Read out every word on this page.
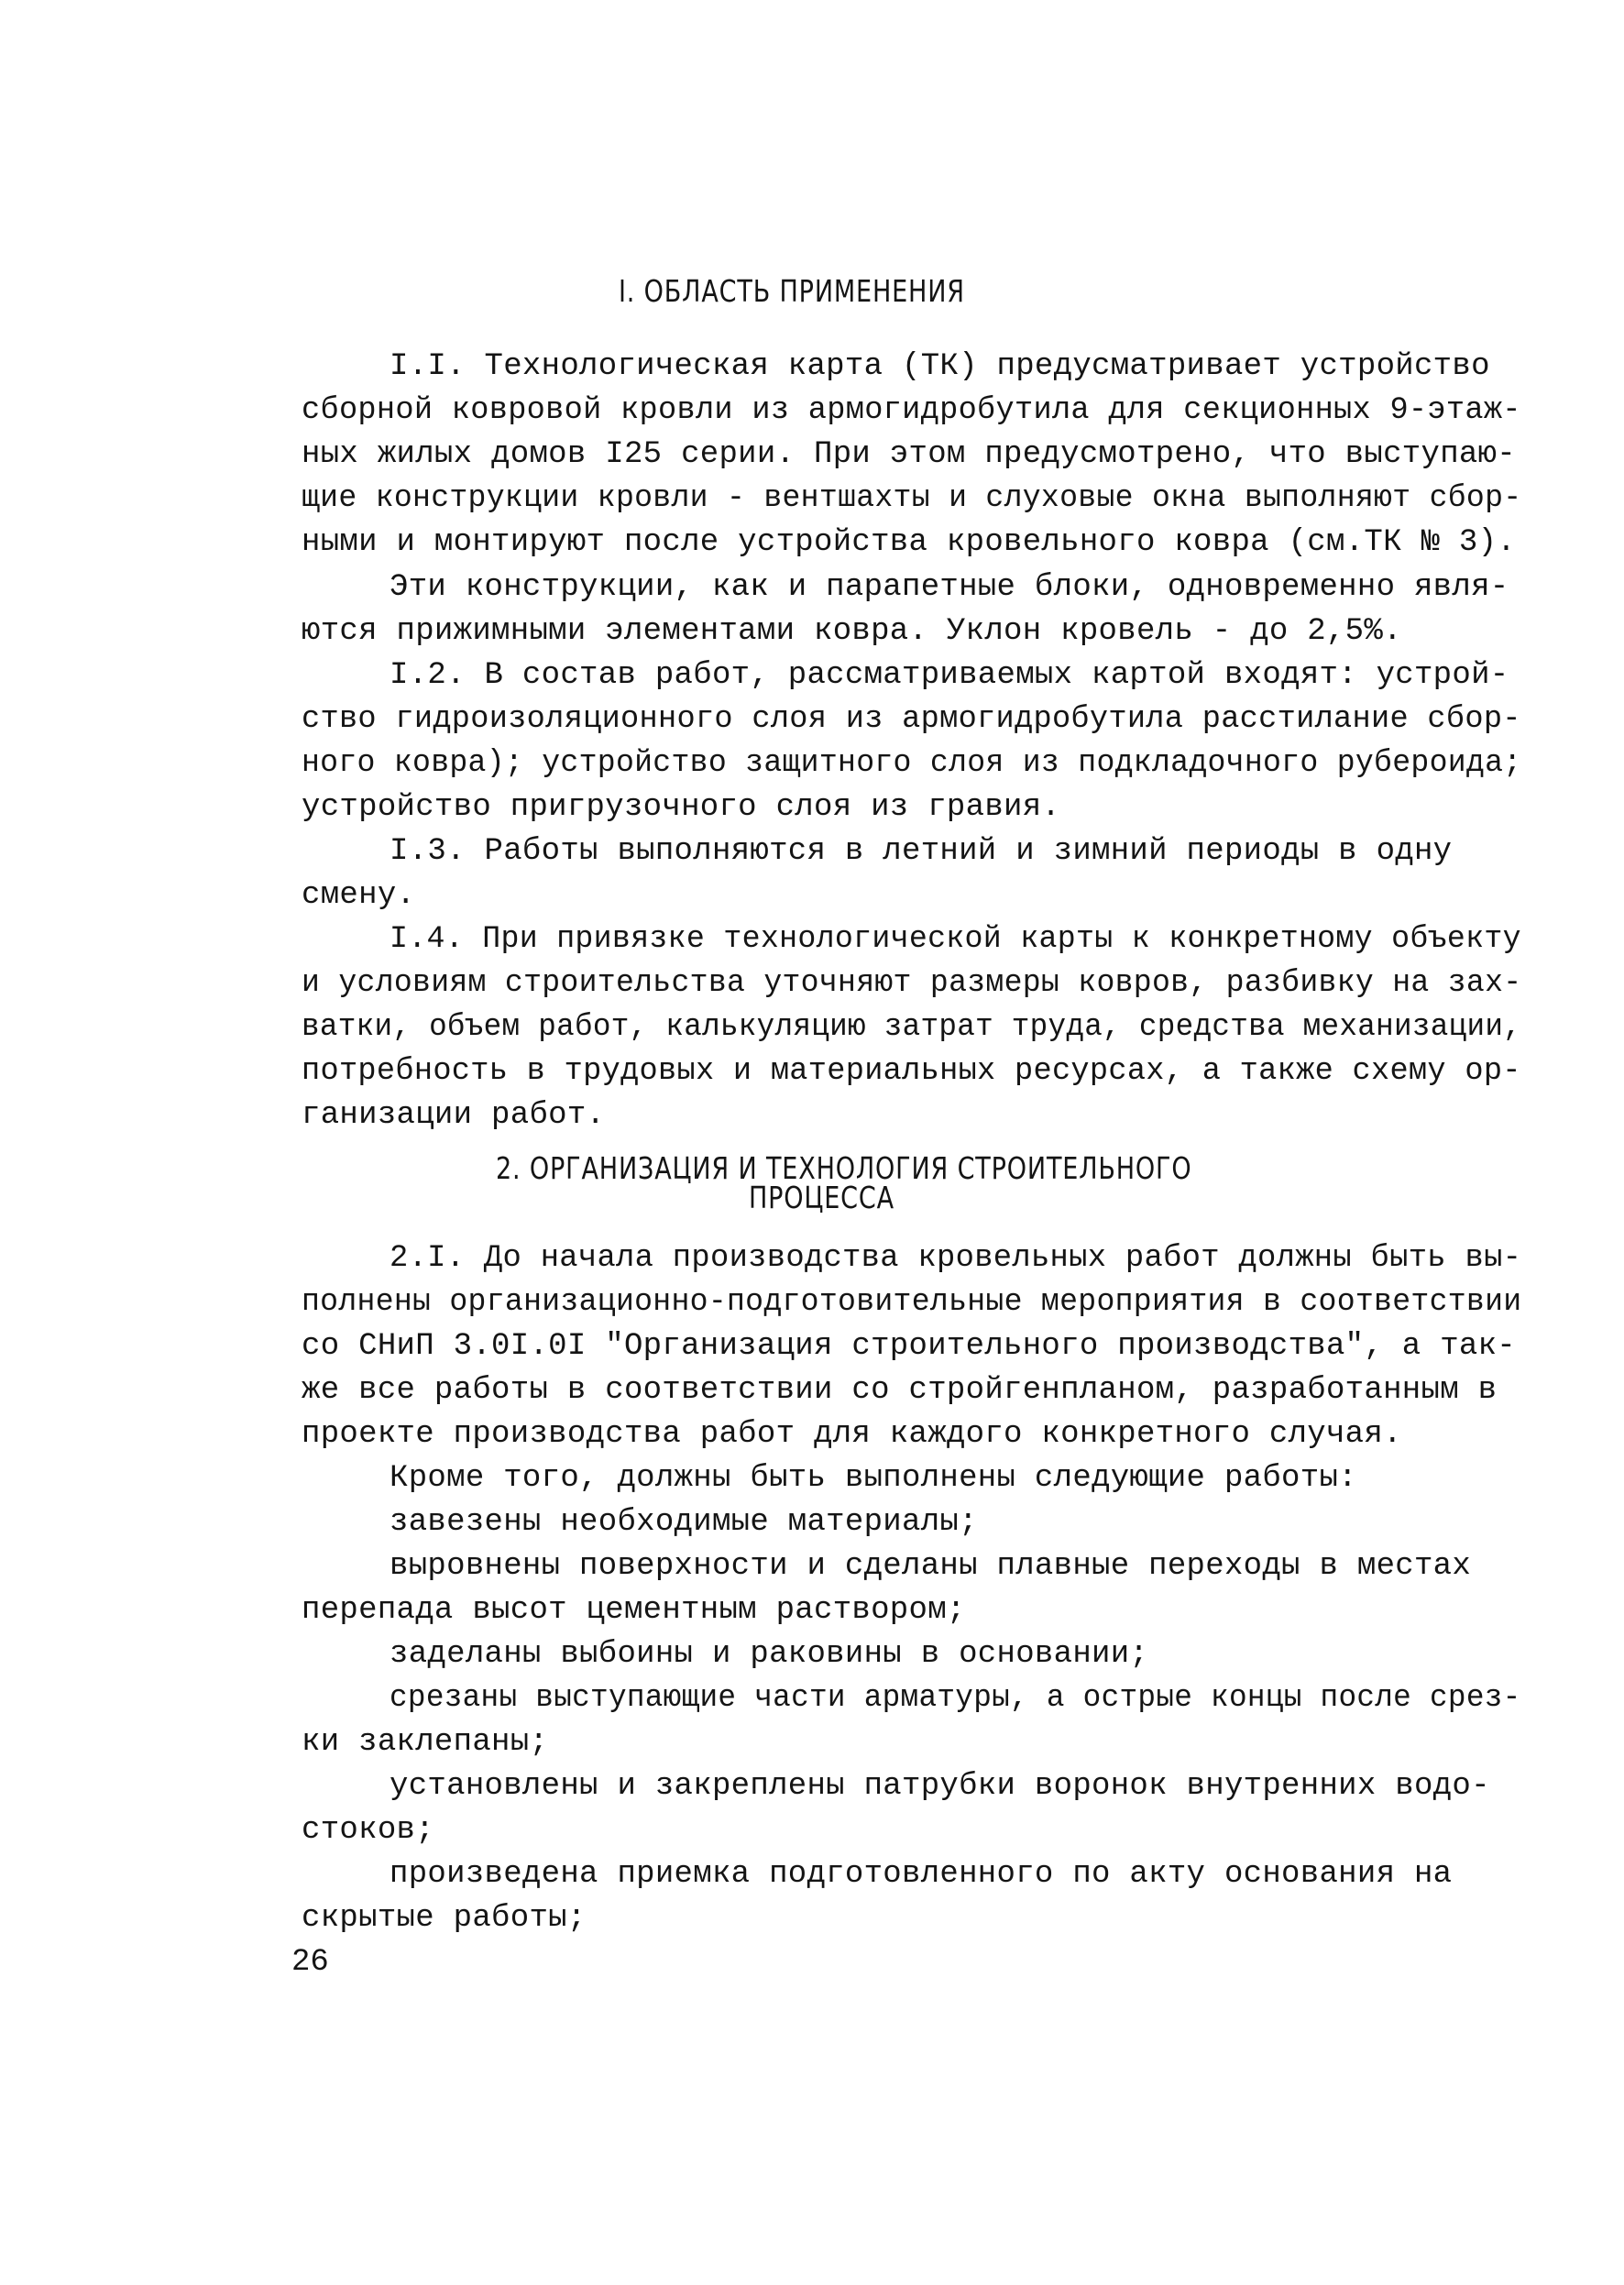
I. ОБЛАСТЬ ПРИМЕНЕНИЯ
I.I. Технологическая карта (ТК) предусматривает устройство
сборной ковровой кровли из армогидробутила для секционных 9-этаж-
ных жилых домов I25 серии. При этом предусмотрено, что выступаю-
щие конструкции кровли - вентшахты и слуховые окна выполняют сбор-
ными и монтируют после устройства кровельного ковра (см.ТК № 3).
Эти конструкции, как и парапетные блоки, одновременно явля-
ются прижимными элементами ковра. Уклон кровель - до 2,5%.
I.2. В состав работ, рассматриваемых картой входят: устрой-
ство гидроизоляционного слоя из армогидробутила расстилание сбор-
ного ковра); устройство защитного слоя из подкладочного рубероида;
устройство пригрузочного слоя из гравия.
I.3. Работы выполняются в летний и зимний периоды в одну
смену.
I.4. При привязке технологической карты к конкретному объекту
и условиям строительства уточняют размеры ковров, разбивку на зах-
ватки, объем работ, калькуляцию затрат труда, средства механизации,
потребность в трудовых и материальных ресурсах, а также схему ор-
ганизации работ.
2. ОРГАНИЗАЦИЯ И ТЕХНОЛОГИЯ СТРОИТЕЛЬНОГО
ПРОЦЕССА
2.I. До начала производства кровельных работ должны быть вы-
полнены организационно-подготовительные мероприятия в соответствии
со СНиП 3.0I.0I "Организация строительного производства", а так-
же все работы в соответствии со стройгенпланом, разработанным в
проекте производства работ для каждого конкретного случая.
Кроме того, должны быть выполнены следующие работы:
завезены необходимые материалы;
выровнены поверхности и сделаны плавные переходы в местах
перепада высот цементным раствором;
заделаны выбоины и раковины в основании;
срезаны выступающие части арматуры, а острые концы после срез-
ки заклепаны;
установлены и закреплены патрубки воронок внутренних водо-
стоков;
произведена приемка подготовленного по акту основания на
скрытые работы;
26
